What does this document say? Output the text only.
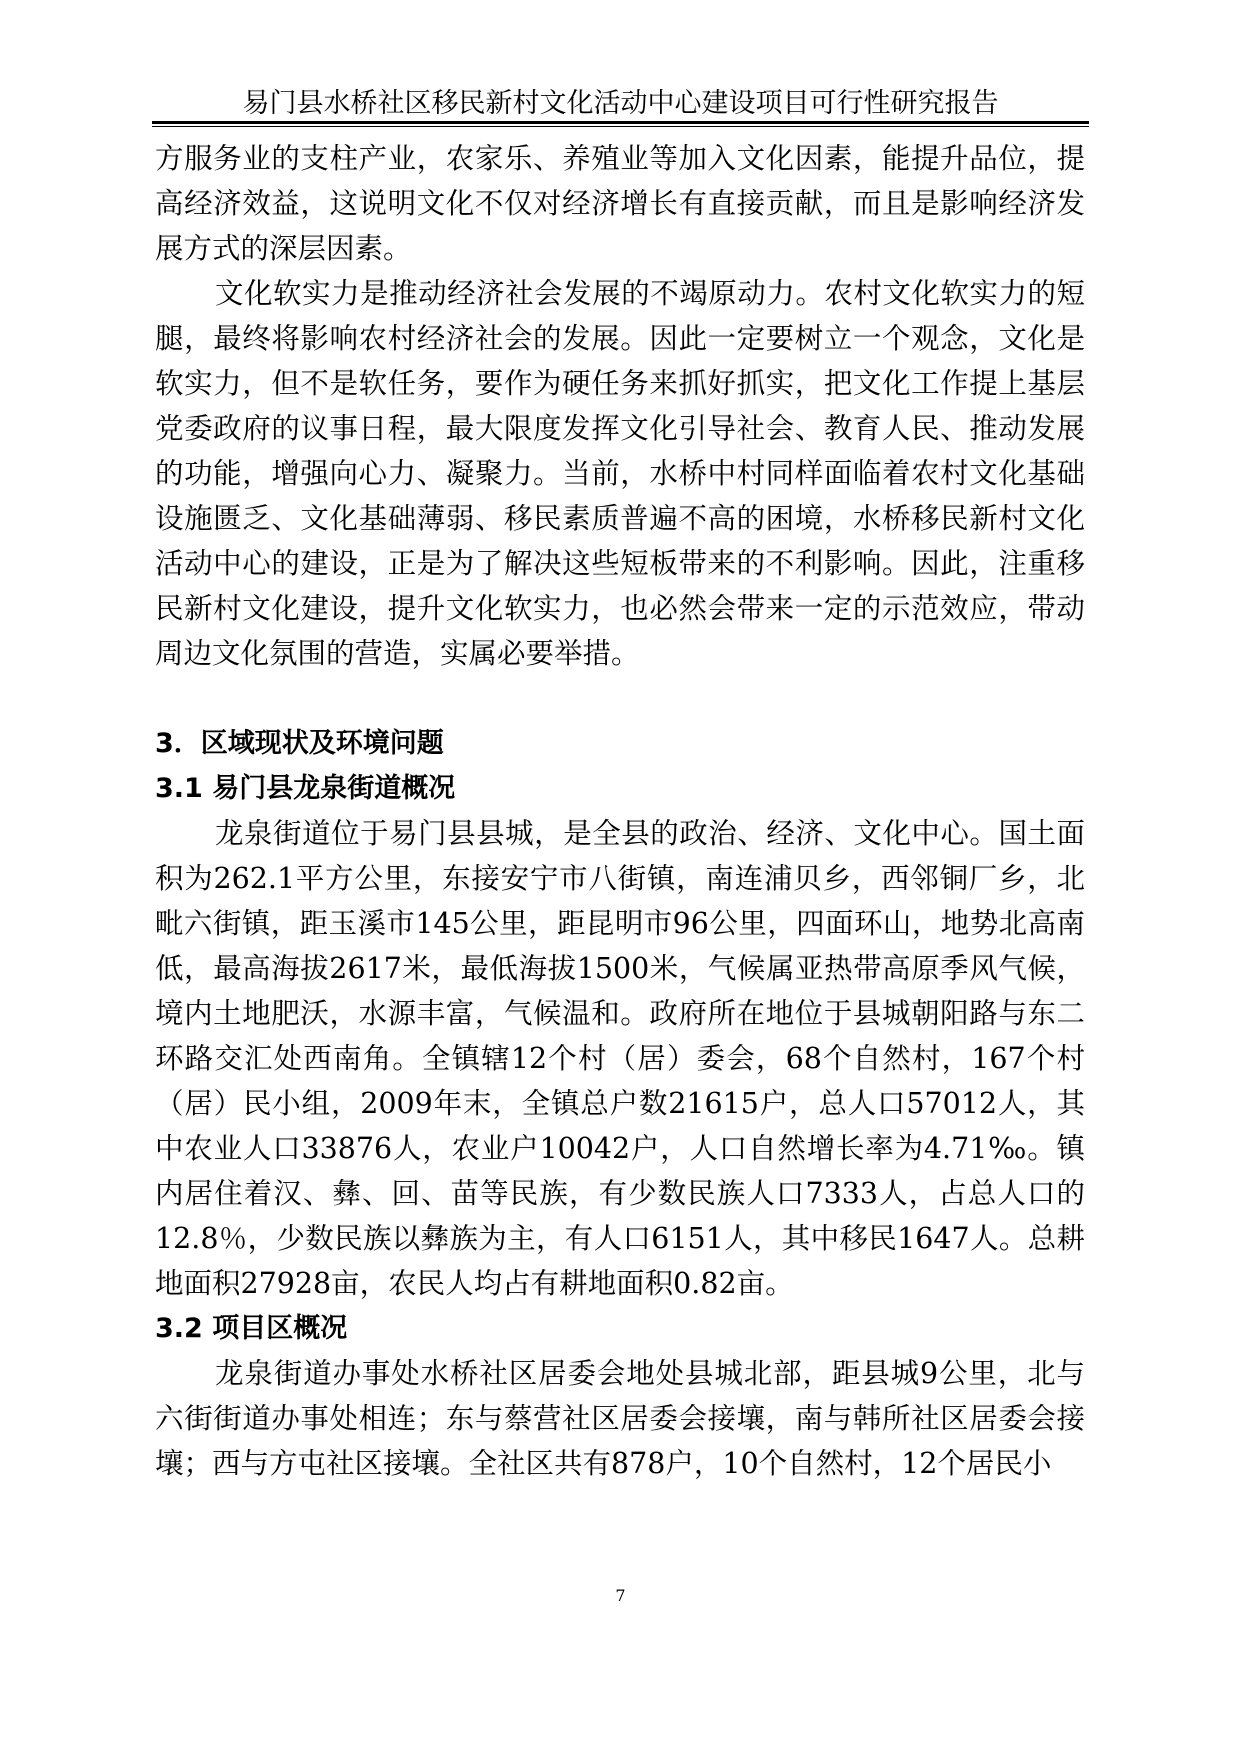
易门县水桥社区移民新村文化活动中心建设项目可行性研究报告

方服务业的支柱产业，农家乐、养殖业等加入文化因素，能提升品位，提高经济效益，这说明文化不仅对经济增长有直接贡献，而且是影响经济发展方式的深层因素。

文化软实力是推动经济社会发展的不竭原动力。农村文化软实力的短腿，最终将影响农村经济社会的发展。因此一定要树立一个观念，文化是软实力，但不是软任务，要作为硬任务来抓好抓实，把文化工作提上基层党委政府的议事日程，最大限度发挥文化引导社会、教育人民、推动发展的功能，增强向心力、凝聚力。当前，水桥中村同样面临着农村文化基础设施匮乏、文化基础薄弱、移民素质普遍不高的困境，水桥移民新村文化活动中心的建设，正是为了解决这些短板带来的不利影响。因此，注重移民新村文化建设，提升文化软实力，也必然会带来一定的示范效应，带动周边文化氛围的营造，实属必要举措。

3．区域现状及环境问题

3.1 易门县龙泉街道概况

龙泉街道位于易门县县城，是全县的政治、经济、文化中心。国土面积为262.1平方公里，东接安宁市八街镇，南连浦贝乡，西邻铜厂乡，北毗六街镇，距玉溪市145公里，距昆明市96公里，四面环山，地势北高南低，最高海拔2617米，最低海拔1500米，气候属亚热带高原季风气候，境内土地肥沃，水源丰富，气候温和。政府所在地位于县城朝阳路与东二环路交汇处西南角。全镇辖12个村（居）委会，68个自然村，167个村（居）民小组，2009年末，全镇总户数21615户，总人口57012人，其中农业人口33876人，农业户10042户，人口自然增长率为4.71‰。镇内居住着汉、彝、回、苗等民族，有少数民族人口7333人，占总人口的12.8％，少数民族以彝族为主，有人口6151人，其中移民1647人。总耕地面积27928亩，农民人均占有耕地面积0.82亩。

3.2 项目区概况

龙泉街道办事处水桥社区居委会地处县城北部，距县城9公里，北与六街街道办事处相连；东与蔡营社区居委会接壤，南与韩所社区居委会接壤；西与方屯社区接壤。全社区共有878户，10个自然村，12个居民小

7
